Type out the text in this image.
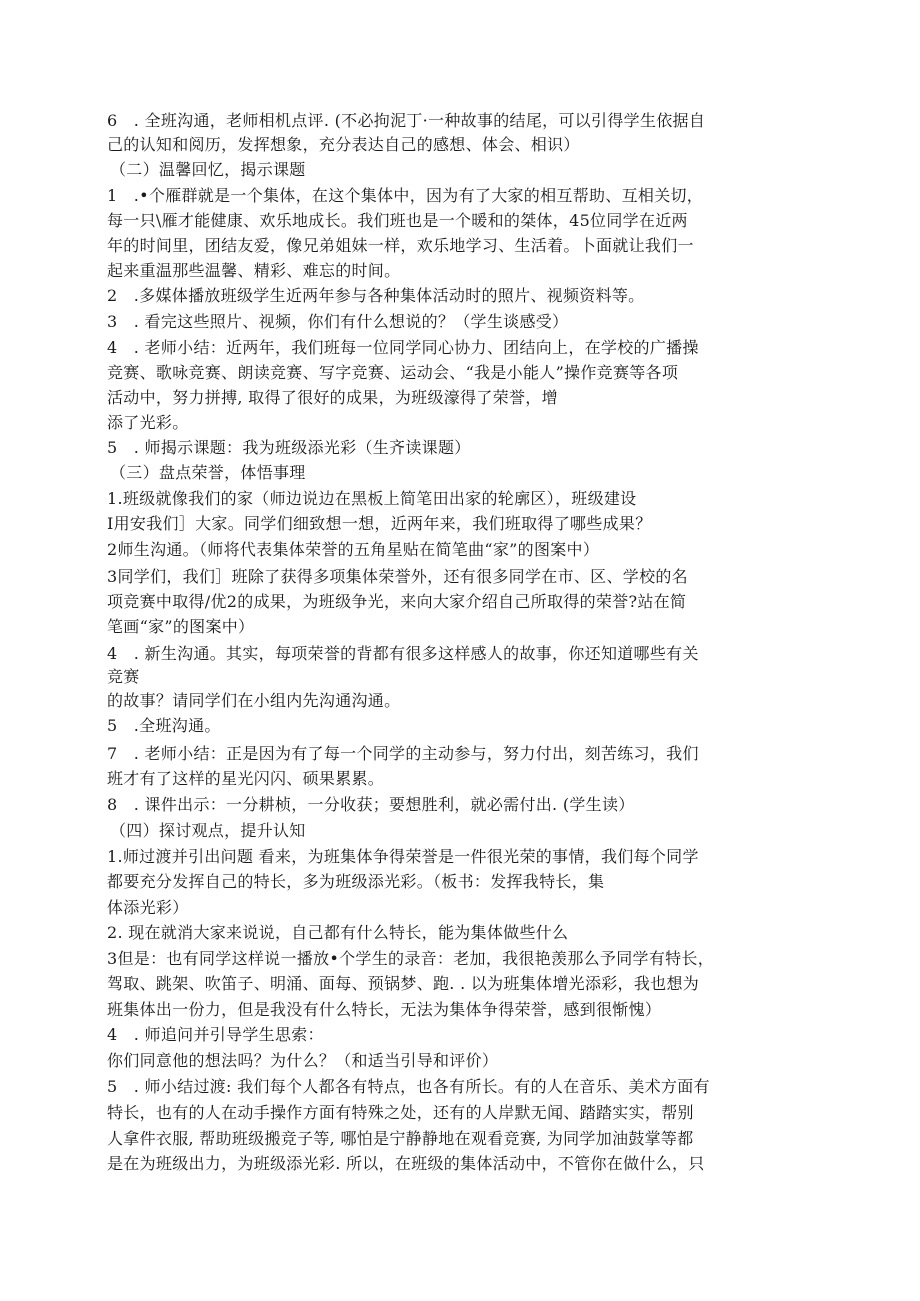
6　. 全班沟通，老师相机点评. (不必拘泥丁·一种故事的结尾，可以引得学生依据自
己的认知和阅历，发挥想象，充分表达自己的感想、体会、相识）
（二）温馨回忆，揭示课题
1　.•个雁群就是一个集体，在这个集体中，因为有了大家的相互帮助、互相关切，
每一只\雁才能健康、欢乐地成长。我们班也是一个暖和的桀体，45位同学在近两
年的时间里，团结友爱，像兄弟姐妹一样，欢乐地学习、生活着。卜面就让我们一
起来重温那些温馨、精彩、难忘的时间。
2　.多媒体播放班级学生近两年参与各种集体活动时的照片、视频资料等。
3　. 看完这些照片、视频，你们有什么想说的？（学生谈感受）
4　. 老师小结：近两年，我们班每一位同学同心协力、团结向上，在学校的广播操
竞赛、歌咏竞赛、朗读竞赛、写字竞赛、运动会、“我是小能人”操作竞赛等各项
活动中，努力拼搏, 取得了很好的成果，为班级濠得了荣誉，增
添了光彩。
5　. 师揭示课题：我为班级添光彩（生齐读课题）
（三）盘点荣誉，体悟事理
1.班级就像我们的家（师边说边在黑板上简笔田出家的轮廓区），班级建设
I用安我们］大家。同学们细致想一想，近两年来，我们班取得了哪些成果？
2师生沟通。（师将代表集体荣誉的五角星贴在简笔曲“家”的图案中）
3同学们，我们］班除了获得多项集体荣誉外，还有很多同学在市、区、学校的名
项竞赛中取得/优2的成果，为班级争光，来向大家介绍自己所取得的荣誉?站在简
笔画“家”的图案中）
4　. 新生沟通。其实，每项荣誉的背都有很多这样感人的故事，你还知道哪些有关
竞赛
的故事？请同学们在小组内先沟通沟通。
5　.全班沟通。
7　. 老师小结：正是因为有了每一个同学的主动参与，努力付出，刻苦练习，我们
班才有了这样的星光闪闪、硕果累累。
8　. 课件出示：一分耕桢，一分收获；要想胜利，就必需付出. (学生读）
（四）探讨观点，提升认知
1.师过渡并引出问题 看来，为班集体争得荣誉是一件很光荣的事情，我们每个同学
都要充分发挥自己的特长，多为班级添光彩。（板书：发挥我特长，集
体添光彩）
2. 现在就消大家来说说，自己都有什么特长，能为集体做些什么
3但是：也有同学这样说一播放•个学生的录音：老加，我很艳羡那么予同学有特长，
驾取、跳架、吹笛子、明涌、面每、预锅梦、跑. . 以为班集体增光添彩，我也想为
班集体出一份力，但是我没有什么特长，无法为集体争得荣誉，感到很惭愧）
4　. 师追问并引导学生思索：
你们同意他的想法吗？为什么？（和适当引导和评价）
5　. 师小结过渡: 我们每个人都各有特点，也各有所长。有的人在音乐、美术方面有
特长，也有的人在动手操作方面有特殊之处，还有的人岸默无闻、踏踏实实，帮别
人拿件衣服, 帮助班级搬竞子等, 哪怕是宁静静地在观看竞赛, 为同学加油鼓掌等都
是在为班级出力，为班级添光彩. 所以，在班级的集体活动中，不管你在做什么，只
